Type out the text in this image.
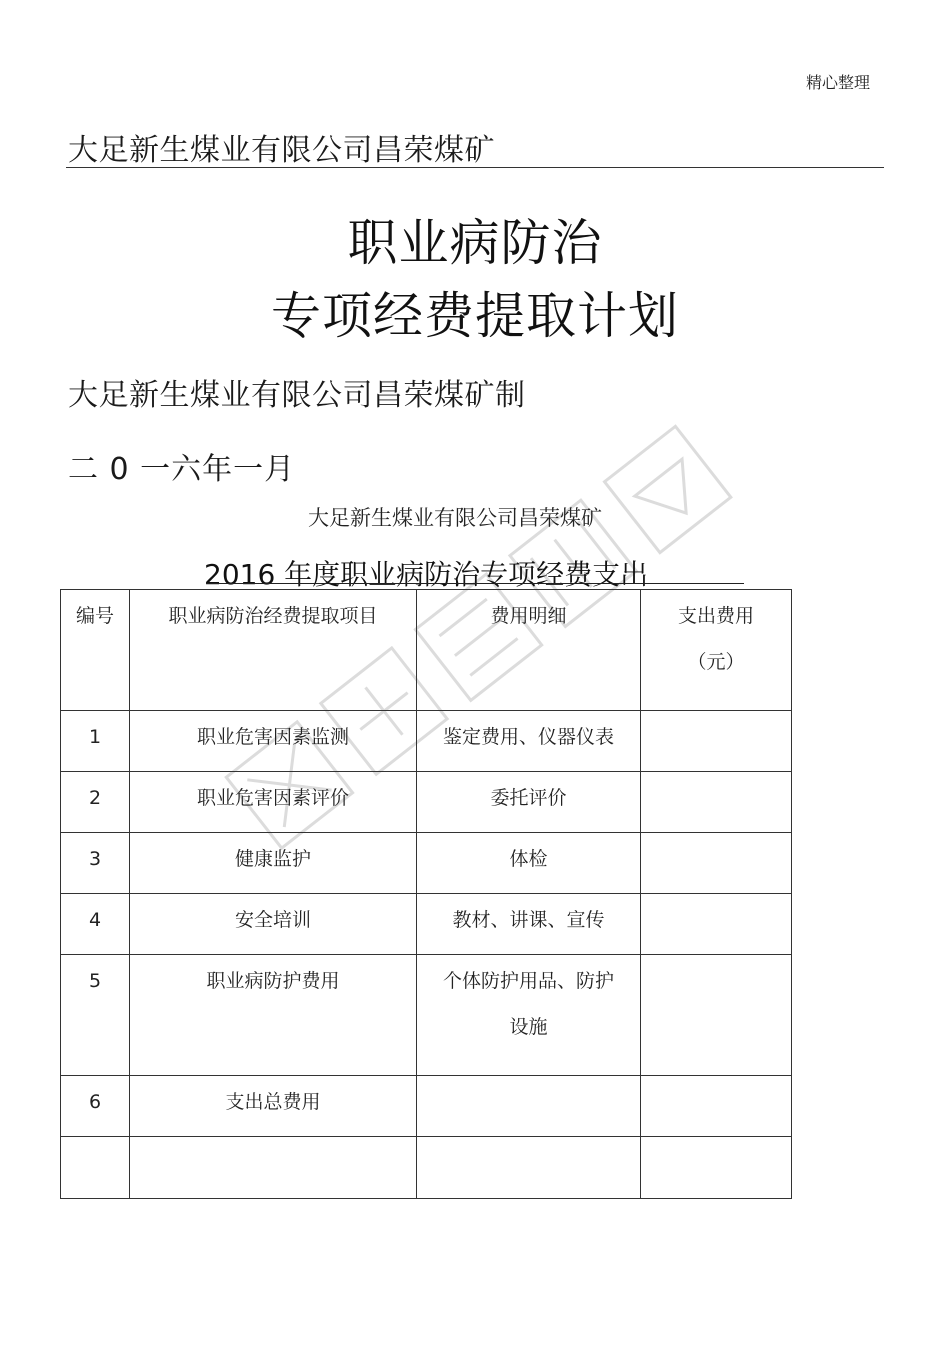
精心整理
大足新生煤业有限公司昌荣煤矿
职业病防治
专项经费提取计划
大足新生煤业有限公司昌荣煤矿制
二 0 一六年一月
大足新生煤业有限公司昌荣煤矿
2016 年度职业病防治专项经费支出
编号	职业病防治经费提取项目	费用明细	支出费用
（元）

1	职业危害因素监测	鉴定费用、仪器仪表	

2	职业危害因素评价	委托评价	

3	健康监护	体检	

4	安全培训	教材、讲课、宣传	

5	职业病防护费用	个体防护用品、防护
设施	

6	支出总费用		
